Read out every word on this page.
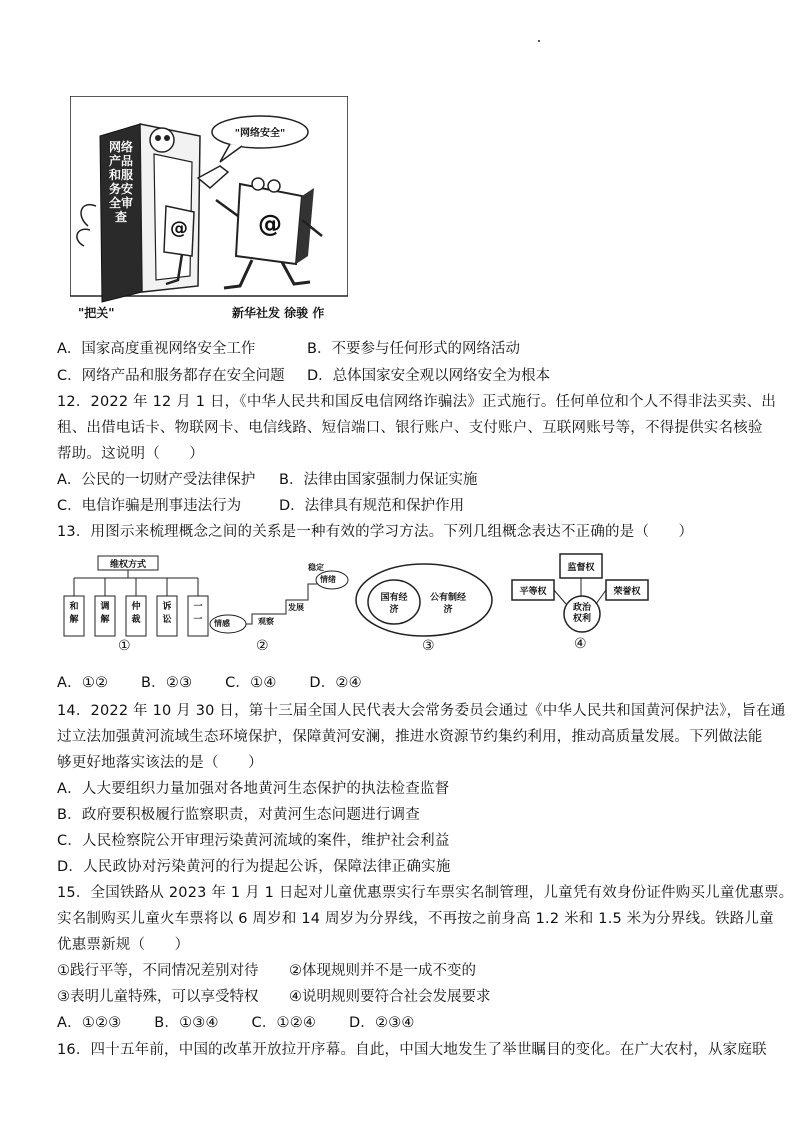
网络产品和服务安全审查
"网络安全"
@	@
"把关"	新华社发 徐骏 作
A．国家高度重视网络安全工作	B．不要参与任何形式的网络活动
C．网络产品和服务都存在安全问题 D．总体国家安全观以网络安全为根本
12．2022 年 12 月 1 日，《中华人民共和国反电信网络诈骗法》正式施行。任何单位和个人不得非法买卖、出
租、出借电话卡、物联网卡、电信线路、短信端口、银行账户、支付账户、互联网账号等，不得提供实名核验
帮助。这说明（　　）
A．公民的一切财产受法律保护 B．法律由国家强制力保证实施
C．电信诈骗是刑事违法行为	D．法律具有规范和保护作用
13．用图示来梳理概念之间的关系是一种有效的学习方法。下列几组概念表达不正确的是（　　）
维权方式
和解
调解
仲裁
诉讼
一一
①
情感	观察
发展
稳定
情绪
②
国有经济
公有制经济
③
平等权
监督权
荣誉权
政治权利
④
A．①② B．②③ C．①④ D．②④
14．2022 年 10 月 30 日，第十三届全国人民代表大会常务委员会通过《中华人民共和国黄河保护法》，旨在通
过立法加强黄河流域生态环境保护，保障黄河安澜，推进水资源节约集约利用，推动高质量发展。下列做法能
够更好地落实该法的是（　　）
A．人大要组织力量加强对各地黄河生态保护的执法检查监督
B．政府要积极履行监察职责，对黄河生态问题进行调查
C．人民检察院公开审理污染黄河流域的案件，维护社会利益
D．人民政协对污染黄河的行为提起公诉，保障法律正确实施
15．全国铁路从 2023 年 1 月 1 日起对儿童优惠票实行车票实名制管理，儿童凭有效身份证件购买儿童优惠票。
实名制购买儿童火车票将以 6 周岁和 14 周岁为分界线，不再按之前身高 1.2 米和 1.5 米为分界线。铁路儿童
优惠票新规（　　）
①践行平等，不同情况差别对待 ②体现规则并不是一成不变的
③表明儿童特殊，可以享受特权 ④说明规则要符合社会发展要求
A．①②③ B．①③④ C．①②④ D．②③④
16．四十五年前，中国的改革开放拉开序幕。自此，中国大地发生了举世瞩目的变化。在广大农村，从家庭联
